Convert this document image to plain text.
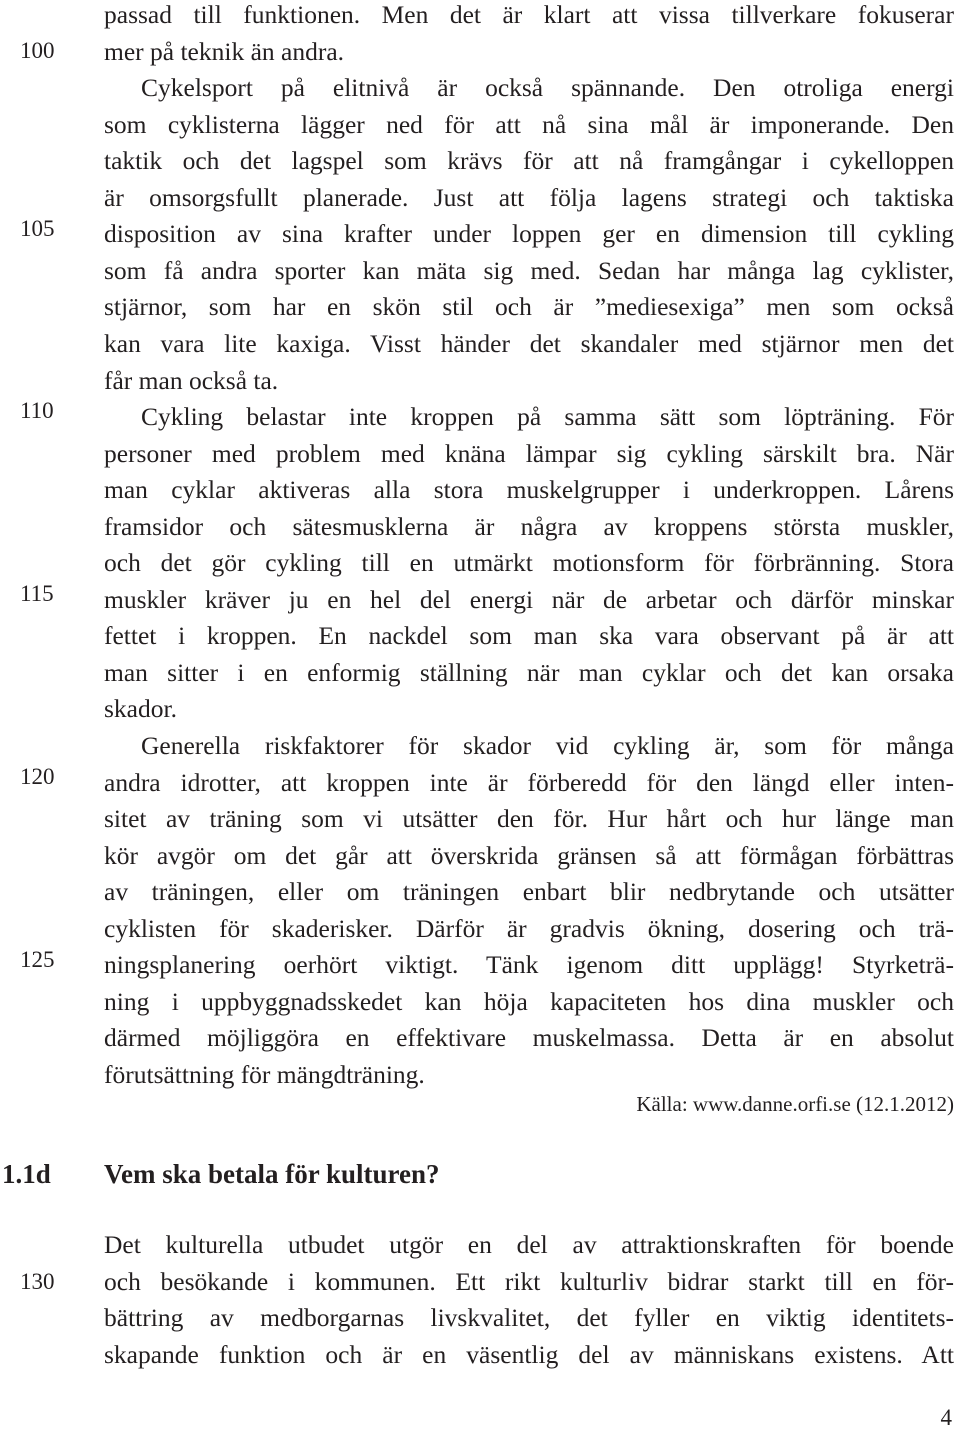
passad till funktionen. Men det är klart att vissa tillverkare fokuserar
mer på teknik än andra.
Cykelsport på elitnivå är också spännande. Den otroliga energi
som cyklisterna lägger ned för att nå sina mål är imponerande. Den
taktik och det lagspel som krävs för att nå framgångar i cykelloppen
är omsorgsfullt planerade. Just att följa lagens strategi och taktiska
disposition av sina krafter under loppen ger en dimension till cykling
som få andra sporter kan mäta sig med. Sedan har många lag cyklister,
stjärnor, som har en skön stil och är ”mediesexiga” men som också
kan vara lite kaxiga. Visst händer det skandaler med stjärnor men det
får man också ta.
Cykling belastar inte kroppen på samma sätt som löpträning. För
personer med problem med knäna lämpar sig cykling särskilt bra. När
man cyklar aktiveras alla stora muskelgrupper i underkroppen. Lårens
framsidor och sätesmusklerna är några av kroppens största muskler,
och det gör cykling till en utmärkt motionsform för förbränning. Stora
muskler kräver ju en hel del energi när de arbetar och därför minskar
fettet i kroppen. En nackdel som man ska vara observant på är att
man sitter i en enformig ställning när man cyklar och det kan orsaka
skador.
Generella riskfaktorer för skador vid cykling är, som för många
andra idrotter, att kroppen inte är förberedd för den längd eller inten-
sitet av träning som vi utsätter den för. Hur hårt och hur länge man
kör avgör om det går att överskrida gränsen så att förmågan förbättras
av träningen, eller om träningen enbart blir nedbrytande och utsätter
cyklisten för skaderisker. Därför är gradvis ökning, dosering och trä-
ningsplanering oerhört viktigt. Tänk igenom ditt upplägg! Styrketrä-
ning i uppbyggnadsskedet kan höja kapaciteten hos dina muskler och
därmed möjliggöra en effektivare muskelmassa. Detta är en absolut
förutsättning för mängdträning.
Det kulturella utbudet utgör en del av attraktionskraften för boende
och besökande i kommunen. Ett rikt kulturliv bidrar starkt till en för-
bättring av medborgarnas livskvalitet, det fyller en viktig identitets-
skapande funktion och är en väsentlig del av människans existens. Att
Källa: www.danne.orfi.se (12.1.2012)
1.1d Vem ska betala för kulturen?
100
105
110
115
120
125
130
4
